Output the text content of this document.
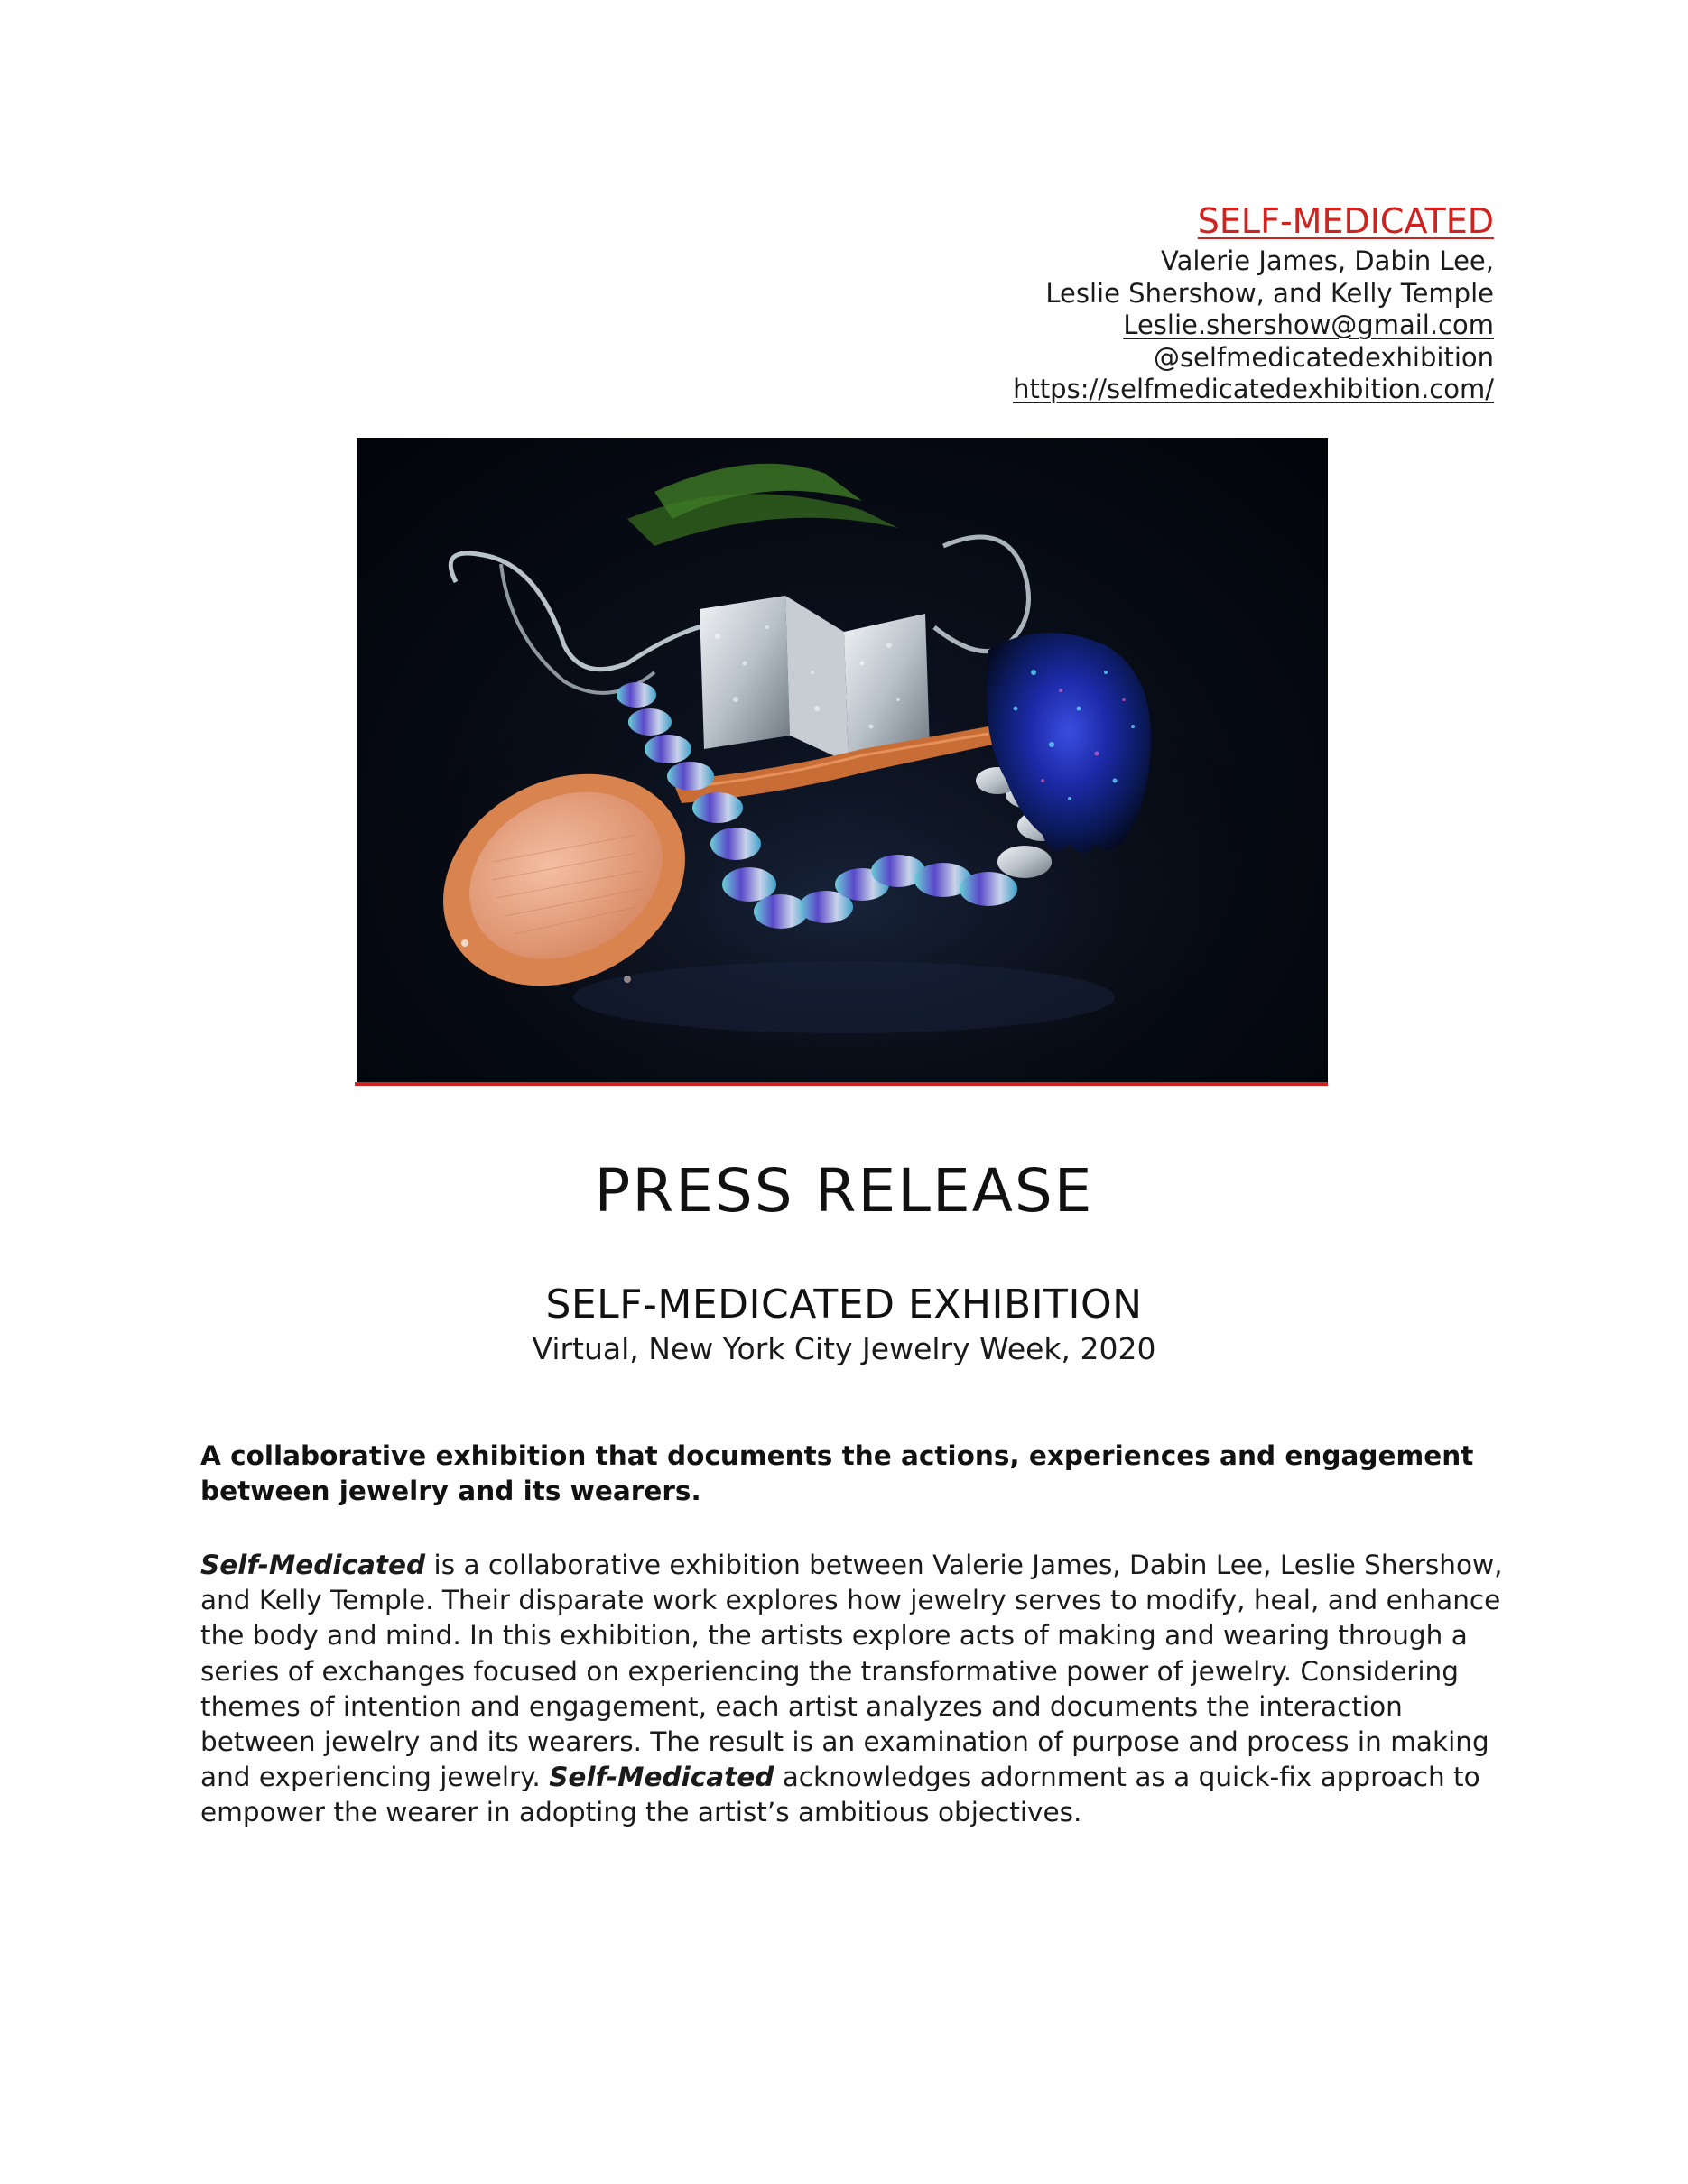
SELF-MEDICATED
Valerie James, Dabin Lee,
Leslie Shershow, and Kelly Temple
Leslie.shershow@gmail.com
@selfmedicatedexhibition
https://selfmedicatedexhibition.com/
PRESS RELEASE
SELF-MEDICATED EXHIBITION
Virtual, New York City Jewelry Week, 2020
A collaborative exhibition that documents the actions, experiences and engagement between jewelry and its wearers.
Self-Medicated is a collaborative exhibition between Valerie James, Dabin Lee, Leslie Shershow, and Kelly Temple. Their disparate work explores how jewelry serves to modify, heal, and enhance the body and mind. In this exhibition, the artists explore acts of making and wearing through a series of exchanges focused on experiencing the transformative power of jewelry. Considering themes of intention and engagement, each artist analyzes and documents the interaction between jewelry and its wearers. The result is an examination of purpose and process in making and experiencing jewelry. Self-Medicated acknowledges adornment as a quick-fix approach to empower the wearer in adopting the artist’s ambitious objectives.
